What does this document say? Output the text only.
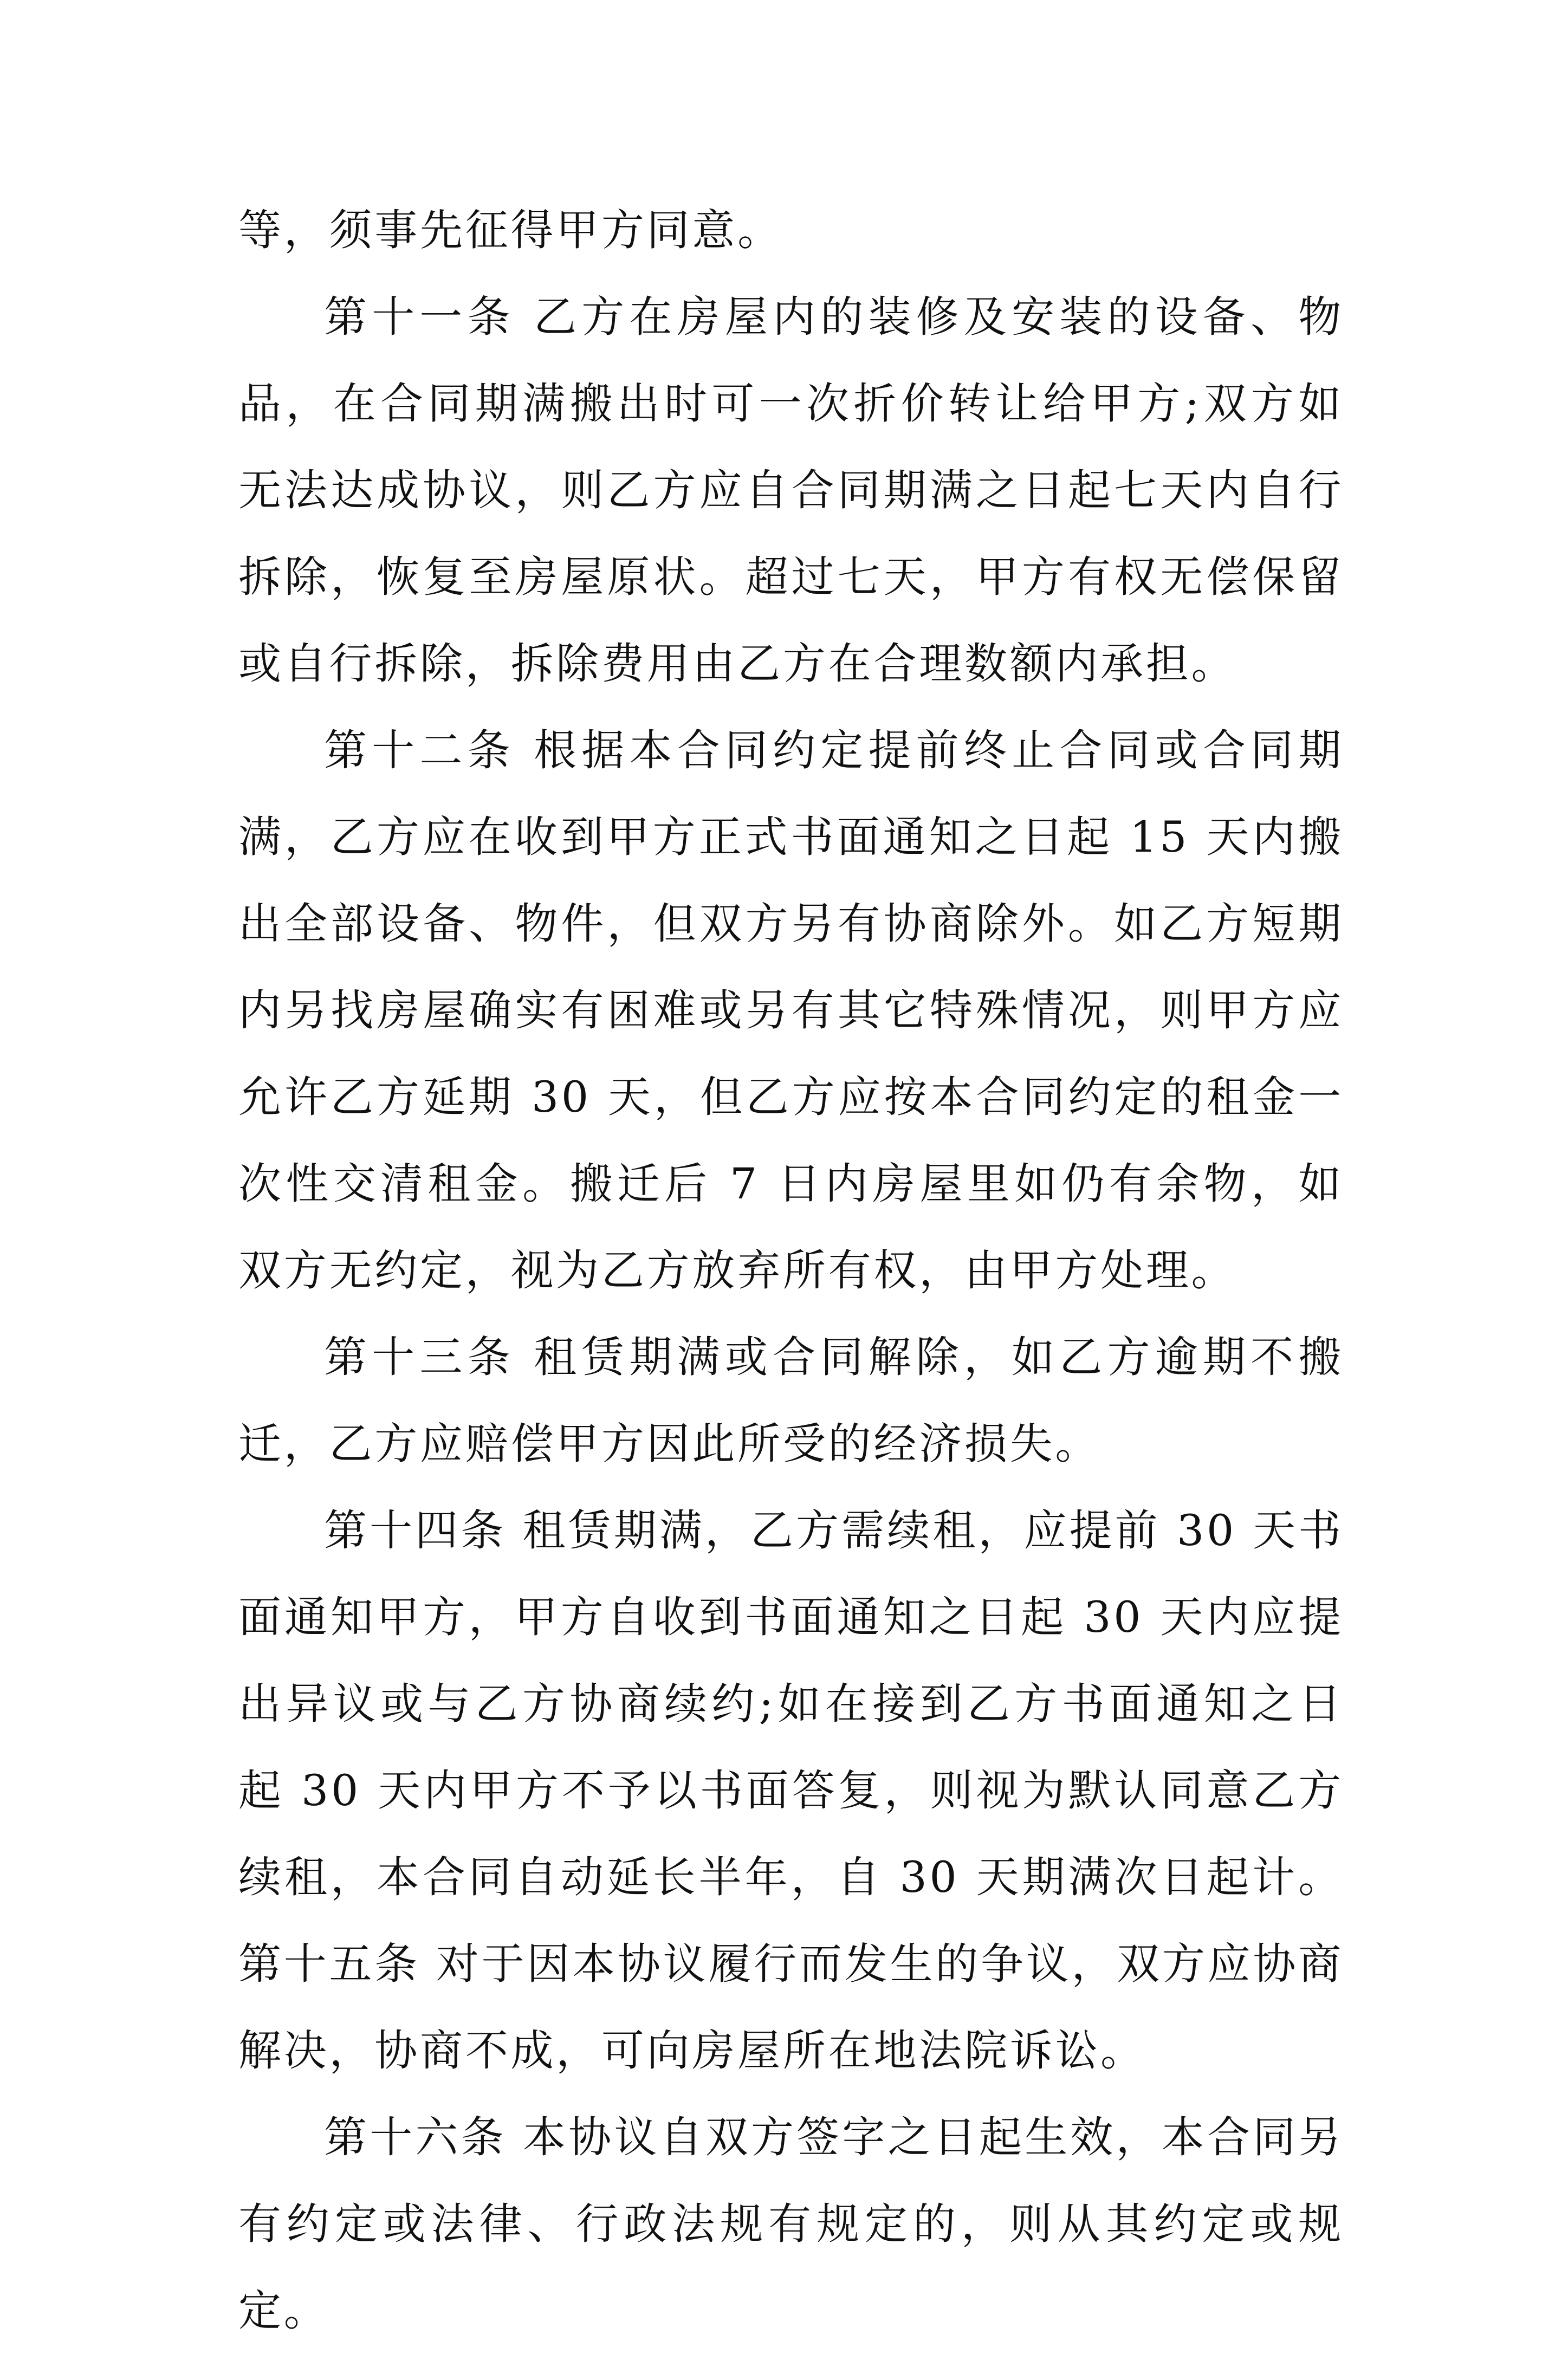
等，须事先征得甲方同意。

第十一条 乙方在房屋内的装修及安装的设备、物品，在合同期满搬出时可一次折价转让给甲方;双方如无法达成协议，则乙方应自合同期满之日起七天内自行拆除，恢复至房屋原状。超过七天，甲方有权无偿保留或自行拆除，拆除费用由乙方在合理数额内承担。

第十二条 根据本合同约定提前终止合同或合同期满，乙方应在收到甲方正式书面通知之日起 15 天内搬出全部设备、物件，但双方另有协商除外。如乙方短期内另找房屋确实有困难或另有其它特殊情况，则甲方应允许乙方延期 30 天，但乙方应按本合同约定的租金一次性交清租金。搬迁后 7 日内房屋里如仍有余物，如双方无约定，视为乙方放弃所有权，由甲方处理。

第十三条 租赁期满或合同解除，如乙方逾期不搬迁，乙方应赔偿甲方因此所受的经济损失。

第十四条 租赁期满，乙方需续租，应提前 30 天书面通知甲方，甲方自收到书面通知之日起 30 天内应提出异议或与乙方协商续约;如在接到乙方书面通知之日起 30 天内甲方不予以书面答复，则视为默认同意乙方续租，本合同自动延长半年，自 30 天期满次日起计。 第十五条 对于因本协议履行而发生的争议，双方应协商解决，协商不成，可向房屋所在地法院诉讼。

第十六条 本协议自双方签字之日起生效，本合同另有约定或法律、行政法规有规定的，则从其约定或规定。
